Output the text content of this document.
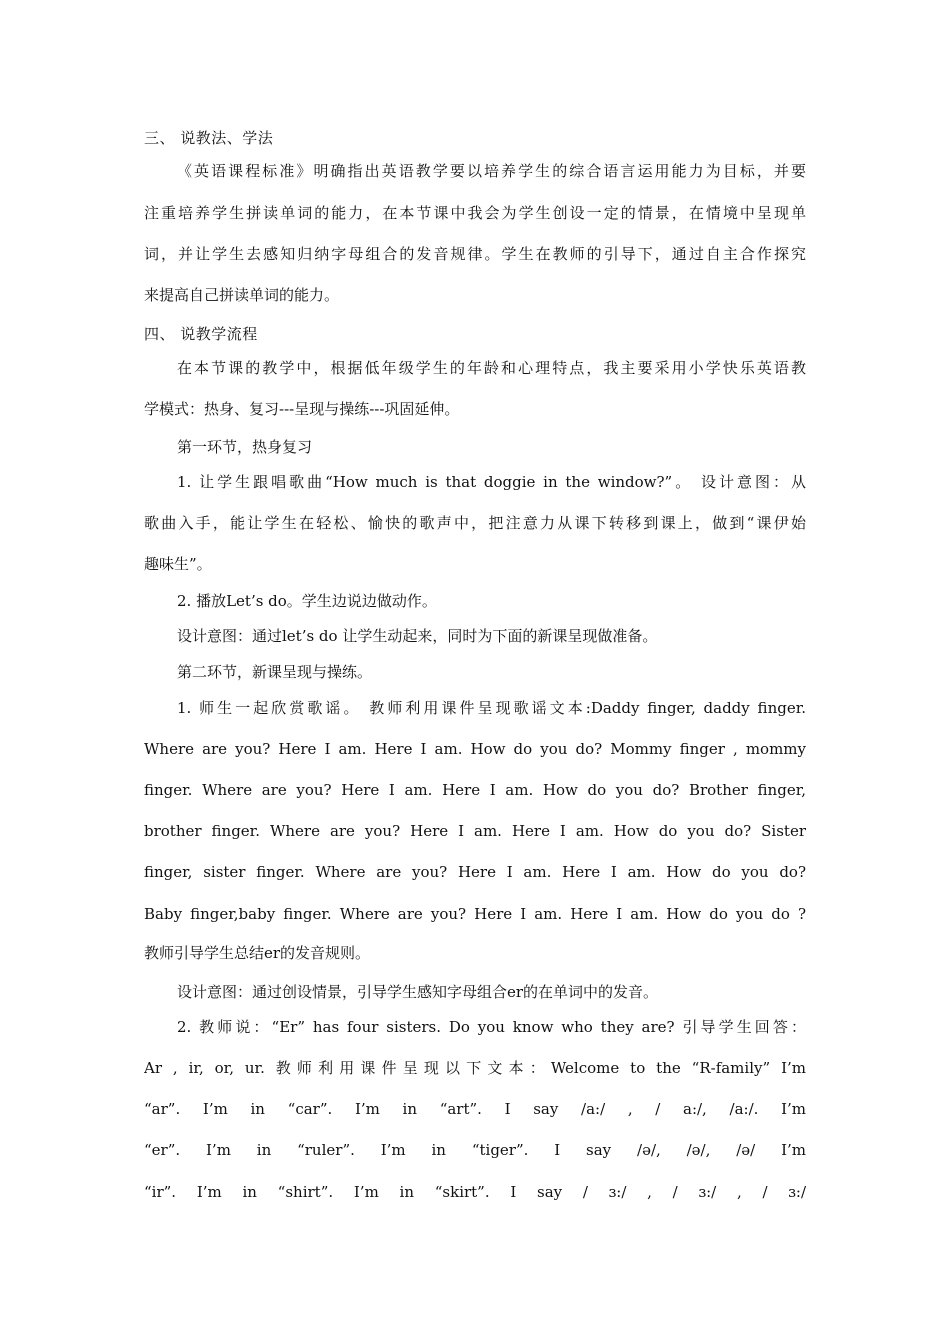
三、 说教法、学法
《英语课程标准》明确指出英语教学要以培养学生的综合语言运用能力为目标，并要
注重培养学生拼读单词的能力，在本节课中我会为学生创设一定的情景，在情境中呈现单
词，并让学生去感知归纳字母组合的发音规律。学生在教师的引导下，通过自主合作探究
来提高自己拼读单词的能力。
四、 说教学流程
在本节课的教学中，根据低年级学生的年龄和心理特点，我主要采用小学快乐英语教
学模式：热身、复习---呈现与操练---巩固延伸。
第一环节，热身复习
1. 让学生跟唱歌曲“How much is that doggie in the window?”。 设计意图：从
歌曲入手，能让学生在轻松、愉快的歌声中，把注意力从课下转移到课上，做到“课伊始
趣味生”。
2. 播放Let’s do。学生边说边做动作。
设计意图：通过let’s do 让学生动起来，同时为下面的新课呈现做准备。
第二环节，新课呈现与操练。
1. 师生一起欣赏歌谣。 教师利用课件呈现歌谣文本:Daddy finger, daddy finger.
Where are you? Here I am. Here I am. How do you do? Mommy finger , mommy
finger. Where are you? Here I am. Here I am. How do you do? Brother finger,
brother finger. Where are you? Here I am. Here I am. How do you do? Sister
finger, sister finger. Where are you? Here I am. Here I am. How do you do?
Baby finger,baby finger. Where are you? Here I am. Here I am. How do you do ?
教师引导学生总结er的发音规则。
设计意图：通过创设情景，引导学生感知字母组合er的在单词中的发音。
2. 教师说：“Er” has four sisters. Do you know who they are? 引导学生回答：
Ar , ir, or, ur. 教师利用课件呈现以下文本：Welcome to the “R-family” I’m
“ar”. I’m in “car”. I’m in “art”. I say /a:/ , / a:/, /a:/. I’m
“er”. I’m in “ruler”. I’m in “tiger”. I say /ə/, /ə/, /ə/ I’m
“ir”. I’m in “shirt”. I’m in “skirt”. I say / ɜ:/ , / ɜ:/ , / ɜ:/
